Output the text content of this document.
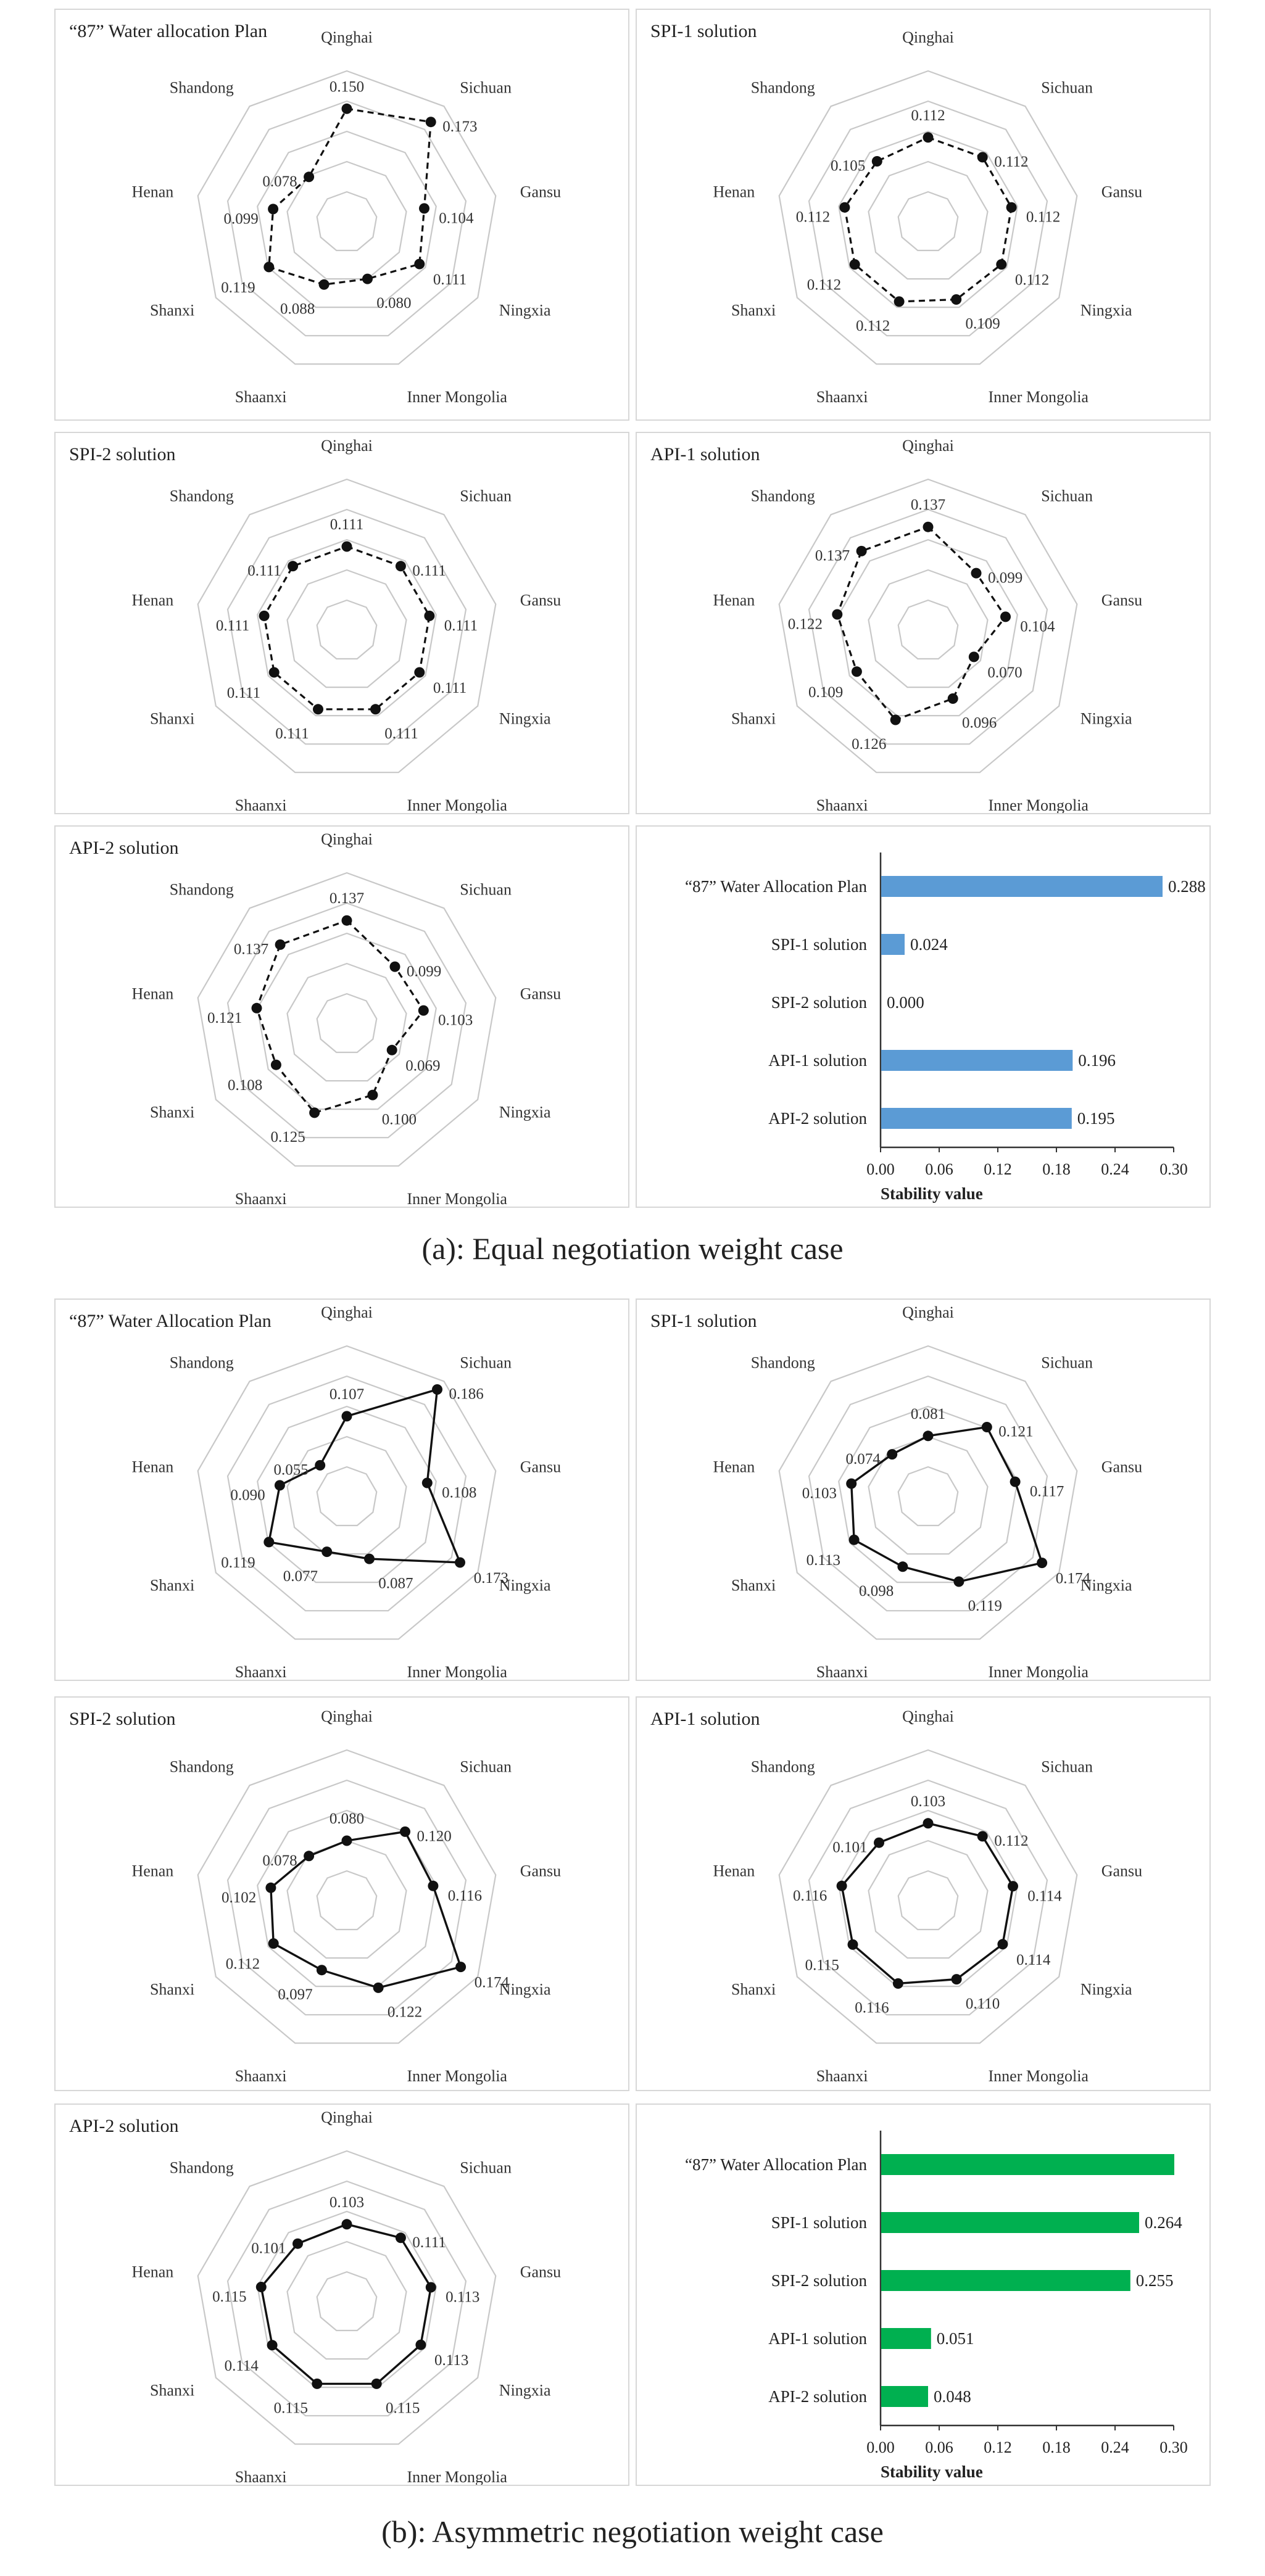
“87” Water allocation Plan	Qinghai
Sichuan
Gansu
Ningxia
Inner Mongolia
Shaanxi
Shanxi
Henan
Shandong	0.150
0.173
0.104
0.111
0.080
0.088
0.119
0.099
0.078
SPI-1 solution	Qinghai
Sichuan
Gansu
Ningxia
Inner Mongolia
Shaanxi
Shanxi
Henan
Shandong
0.112
0.112
0.112
0.112
0.109
0.112
0.112
0.112
0.105
SPI-2 solution	Qinghai
Sichuan
Gansu
Ningxia
Inner Mongolia
Shaanxi
Shanxi
Henan
Shandong
0.111
0.111
0.111
0.111
0.111
0.111
0.111
0.111
0.111
API-1 solution	Qinghai
Sichuan
Gansu
Ningxia
Inner Mongolia
Shaanxi
Shanxi
Henan
Shandong	0.137
0.099
0.104
0.070
0.096
0.126
0.109
0.122
0.137
API-2 solution	Qinghai
Sichuan
Gansu
Ningxia
Inner Mongolia
Shaanxi
Shanxi
Henan
Shandong	0.137
0.099
0.103
0.069
0.100
0.125
0.108
0.121
0.137
0.00 0.06 0.12 0.18 0.24 0.30
Stability value
“87” Water Allocation Plan	0.288
SPI-1 solution	0.024
SPI-2 solution 0.000
API-1 solution	0.196
API-2 solution	0.195
(a): Equal negotiation weight case
“87” Water Allocation Plan	Qinghai
Sichuan
Gansu
Ningxia
Inner Mongolia
Shaanxi
Shanxi
Henan
Shandong
0.107	0.186
0.108
0.173
0.087
0.077
0.119
0.090
0.055
SPI-1 solution	Qinghai
Sichuan
Gansu
Ningxia
Inner Mongolia
Shaanxi
Shanxi
Henan
Shandong
0.081
0.121
0.117
0.174
0.119
0.098
0.113
0.103
0.074
SPI-2 solution	Qinghai
Sichuan
Gansu
Ningxia
Inner Mongolia
Shaanxi
Shanxi
Henan
Shandong
0.080
0.120
0.116
0.174
0.122
0.097
0.112
0.102
0.078
API-1 solution	Qinghai
Sichuan
Gansu
Ningxia
Inner Mongolia
Shaanxi
Shanxi
Henan
Shandong
0.103
0.112
0.114
0.114
0.110
0.116
0.115
0.116
0.101
API-2 solution	Qinghai
Sichuan
Gansu
Ningxia
Inner Mongolia
Shaanxi
Shanxi
Henan
Shandong
0.103
0.111
0.113
0.113
0.115
0.115
0.114
0.115
0.101
0.00 0.06 0.12 0.18 0.24 0.30
Stability value
“87” Water Allocation Plan
SPI-1 solution	0.264
SPI-2 solution	0.255
API-1 solution	0.051
API-2 solution	0.048
(b): Asymmetric negotiation weight case
